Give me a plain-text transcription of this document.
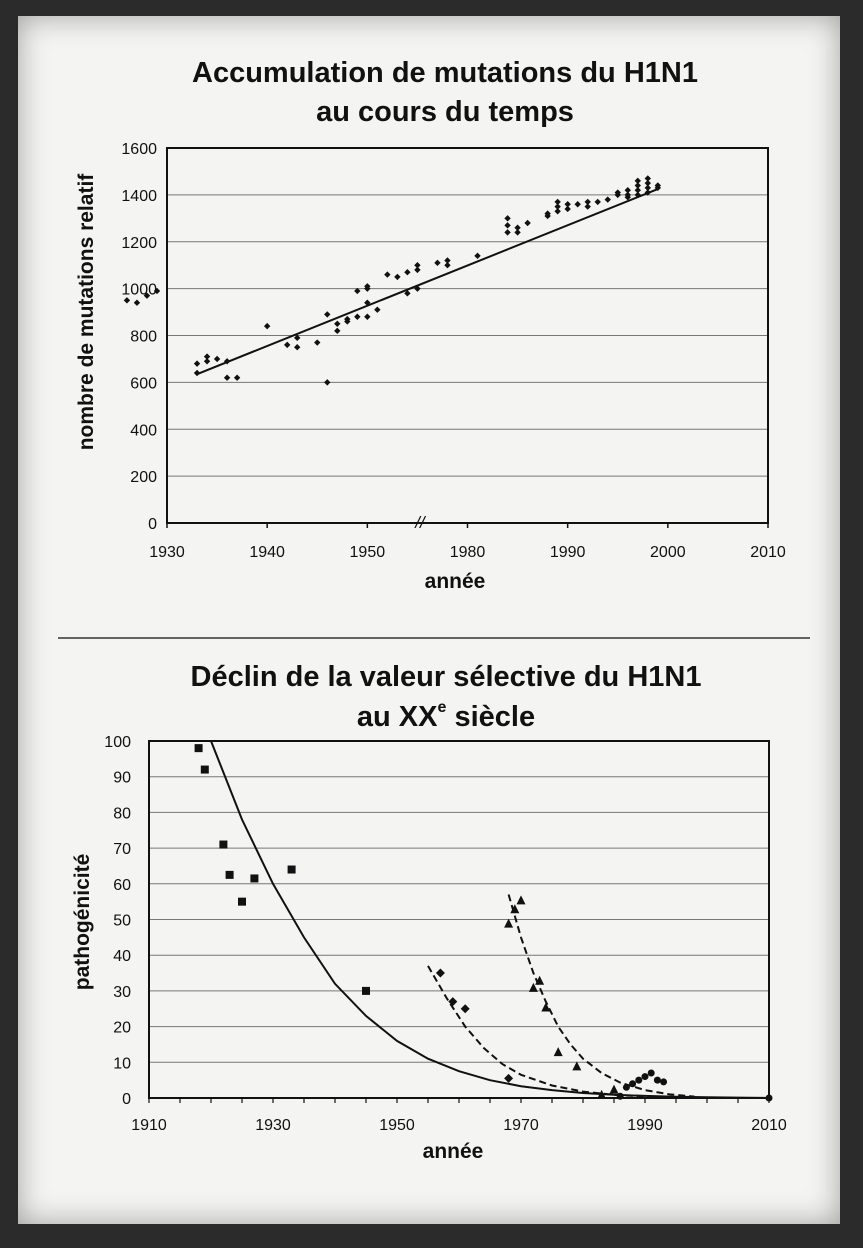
Accumulation de mutations du H1N1
au cours du temps
0
200
400
600
800
1000
1200
1400
1600
1930	1940	1950	1980	1990	2000	2010
//
année
nombre de mutations relatif
Déclin de la valeur sélective du H1N1
au XXe siècle
0
10
20
30
40
50
60
70
80
90
100
1910	1930	1950	1970	1990	2010
année
pathogénicité
